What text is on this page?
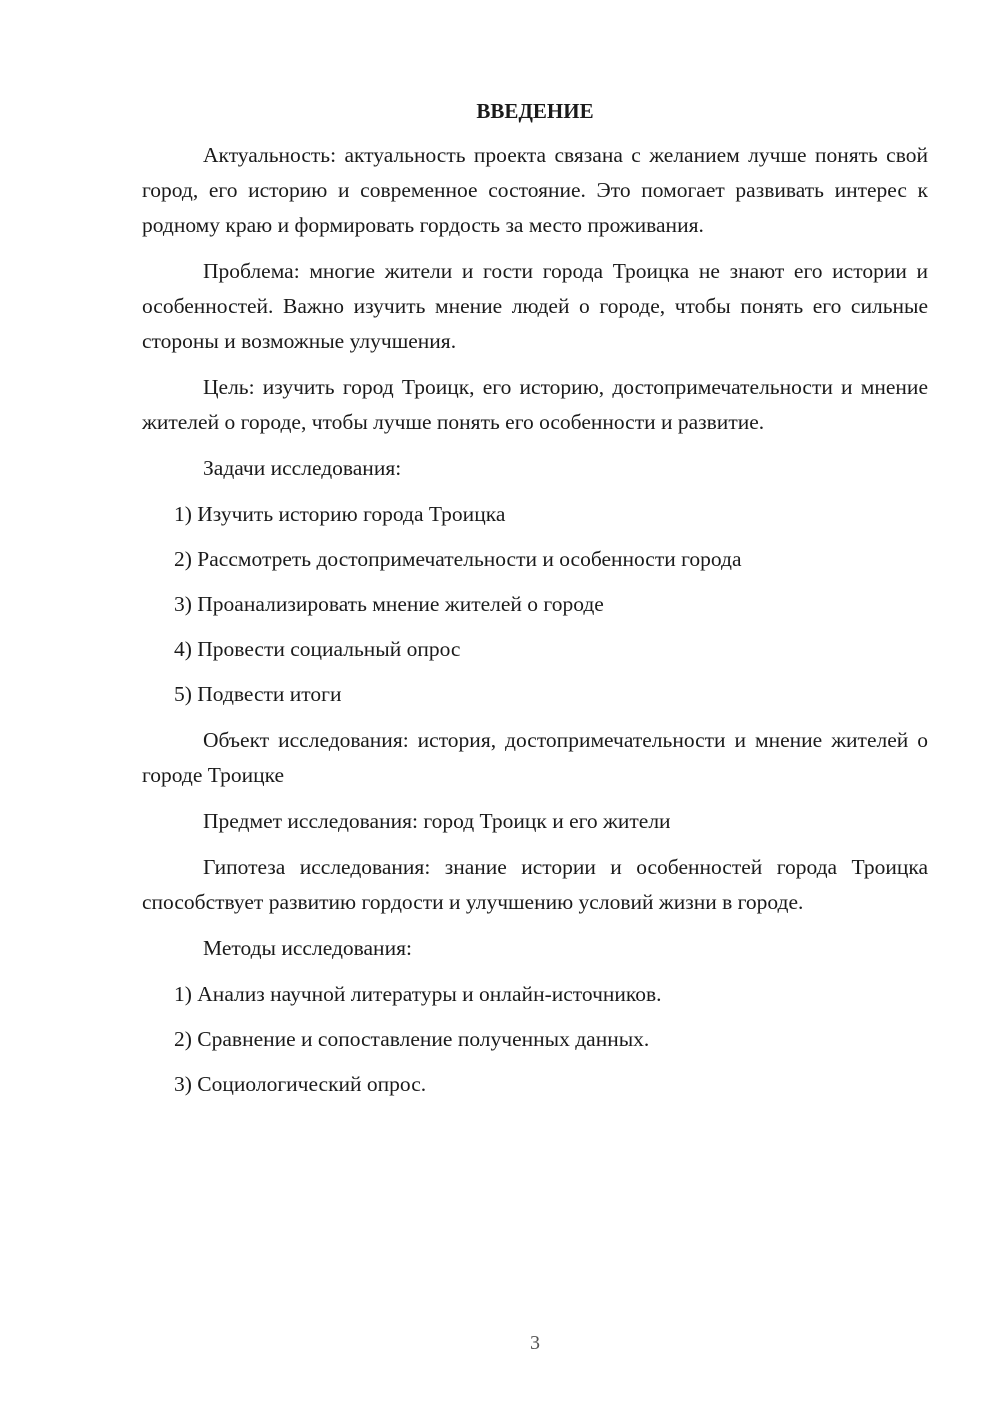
ВВЕДЕНИЕ

Актуальность: актуальность проекта связана с желанием лучше понять свой город, его историю и современное состояние. Это помогает развивать интерес к родному краю и формировать гордость за место проживания.

Проблема: многие жители и гости города Троицка не знают его истории и особенностей. Важно изучить мнение людей о городе, чтобы понять его сильные стороны и возможные улучшения.

Цель: изучить город Троицк, его историю, достопримечательности и мнение жителей о городе, чтобы лучше понять его особенности и развитие.

Задачи исследования:

1) Изучить историю города Троицка
2) Рассмотреть достопримечательности и особенности города
3) Проанализировать мнение жителей о городе
4) Провести социальный опрос
5) Подвести итоги

Объект исследования: история, достопримечательности и мнение жителей о городе Троицке

Предмет исследования: город Троицк и его жители

Гипотеза исследования: знание истории и особенностей города Троицка способствует развитию гордости и улучшению условий жизни в городе.

Методы исследования:

1) Анализ научной литературы и онлайн-источников.
2) Сравнение и сопоставление полученных данных.
3) Социологический опрос.
3
